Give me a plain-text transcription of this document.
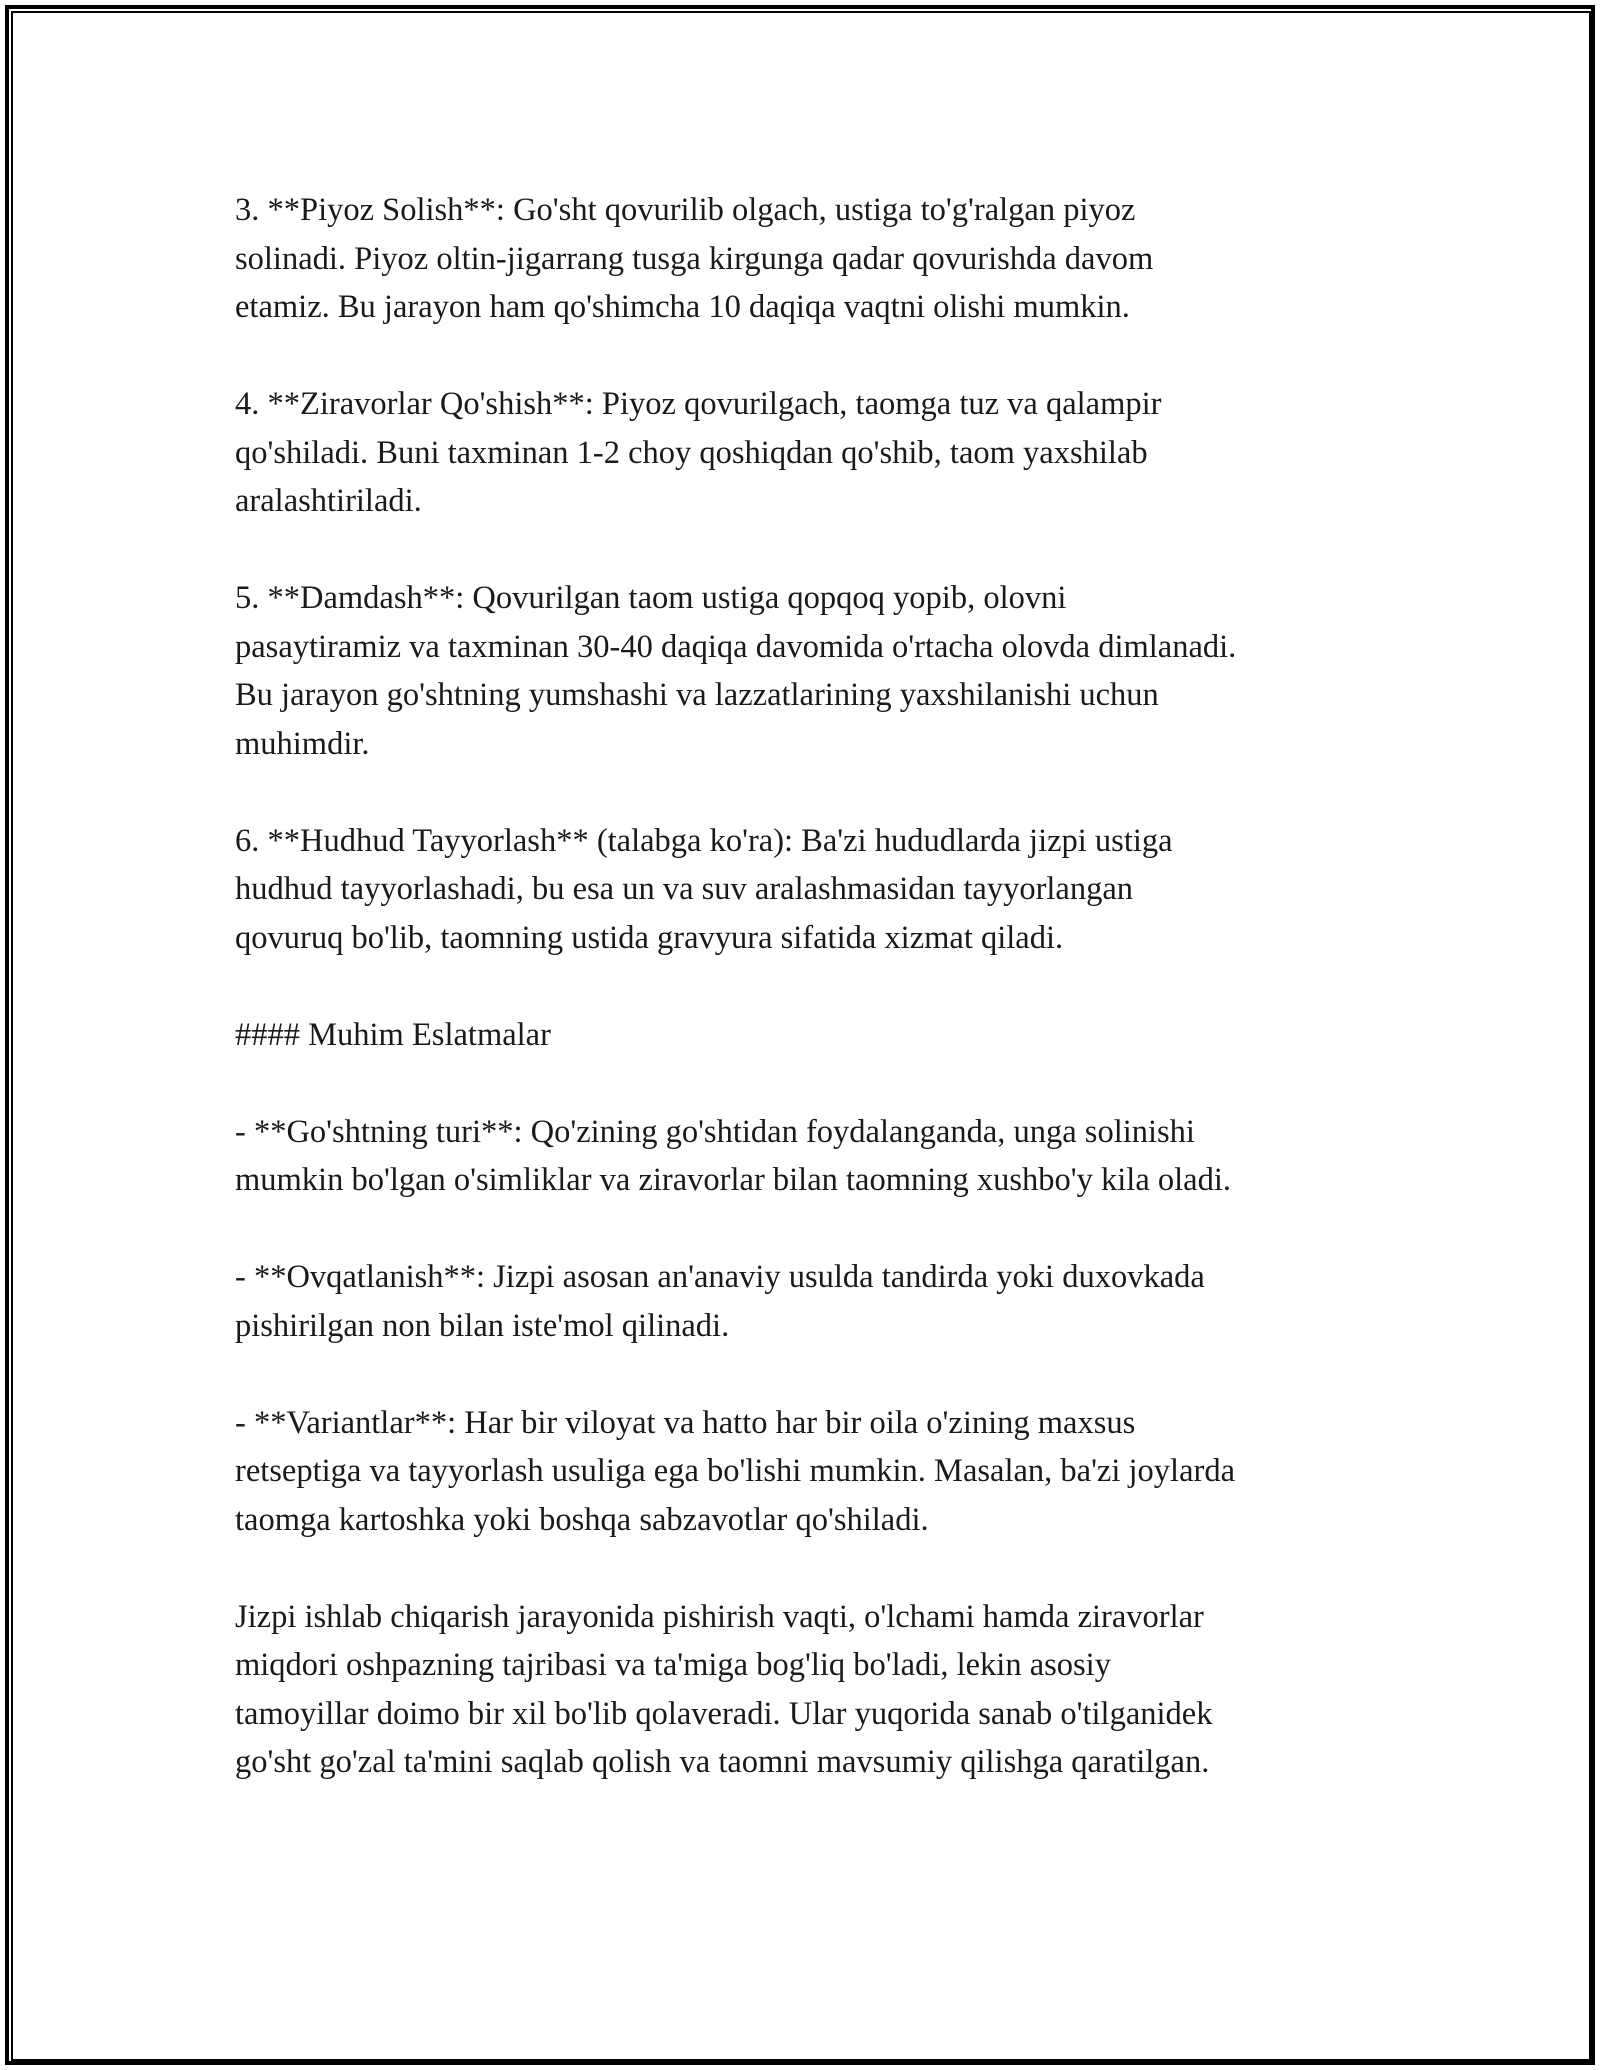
3. **Piyoz Solish**: Go'sht qovurilib olgach, ustiga to'g'ralgan piyoz
solinadi. Piyoz oltin-jigarrang tusga kirgunga qadar qovurishda davom
etamiz. Bu jarayon ham qo'shimcha 10 daqiqa vaqtni olishi mumkin.

4. **Ziravorlar Qo'shish**: Piyoz qovurilgach, taomga tuz va qalampir
qo'shiladi. Buni taxminan 1-2 choy qoshiqdan qo'shib, taom yaxshilab
aralashtiriladi.

5. **Damdash**: Qovurilgan taom ustiga qopqoq yopib, olovni
pasaytiramiz va taxminan 30-40 daqiqa davomida o'rtacha olovda dimlanadi.
Bu jarayon go'shtning yumshashi va lazzatlarining yaxshilanishi uchun
muhimdir.

6. **Hudhud Tayyorlash** (talabga ko'ra): Ba'zi hududlarda jizpi ustiga
hudhud tayyorlashadi, bu esa un va suv aralashmasidan tayyorlangan
qovuruq bo'lib, taomning ustida gravyura sifatida xizmat qiladi.

#### Muhim Eslatmalar

- **Go'shtning turi**: Qo'zining go'shtidan foydalanganda, unga solinishi
mumkin bo'lgan o'simliklar va ziravorlar bilan taomning xushbo'y kila oladi.

- **Ovqatlanish**: Jizpi asosan an'anaviy usulda tandirda yoki duxovkada
pishirilgan non bilan iste'mol qilinadi.

- **Variantlar**: Har bir viloyat va hatto har bir oila o'zining maxsus
retseptiga va tayyorlash usuliga ega bo'lishi mumkin. Masalan, ba'zi joylarda
taomga kartoshka yoki boshqa sabzavotlar qo'shiladi.

Jizpi ishlab chiqarish jarayonida pishirish vaqti, o'lchami hamda ziravorlar
miqdori oshpazning tajribasi va ta'miga bog'liq bo'ladi, lekin asosiy
tamoyillar doimo bir xil bo'lib qolaveradi. Ular yuqorida sanab o'tilganidek
go'sht go'zal ta'mini saqlab qolish va taomni mavsumiy qilishga qaratilgan.
